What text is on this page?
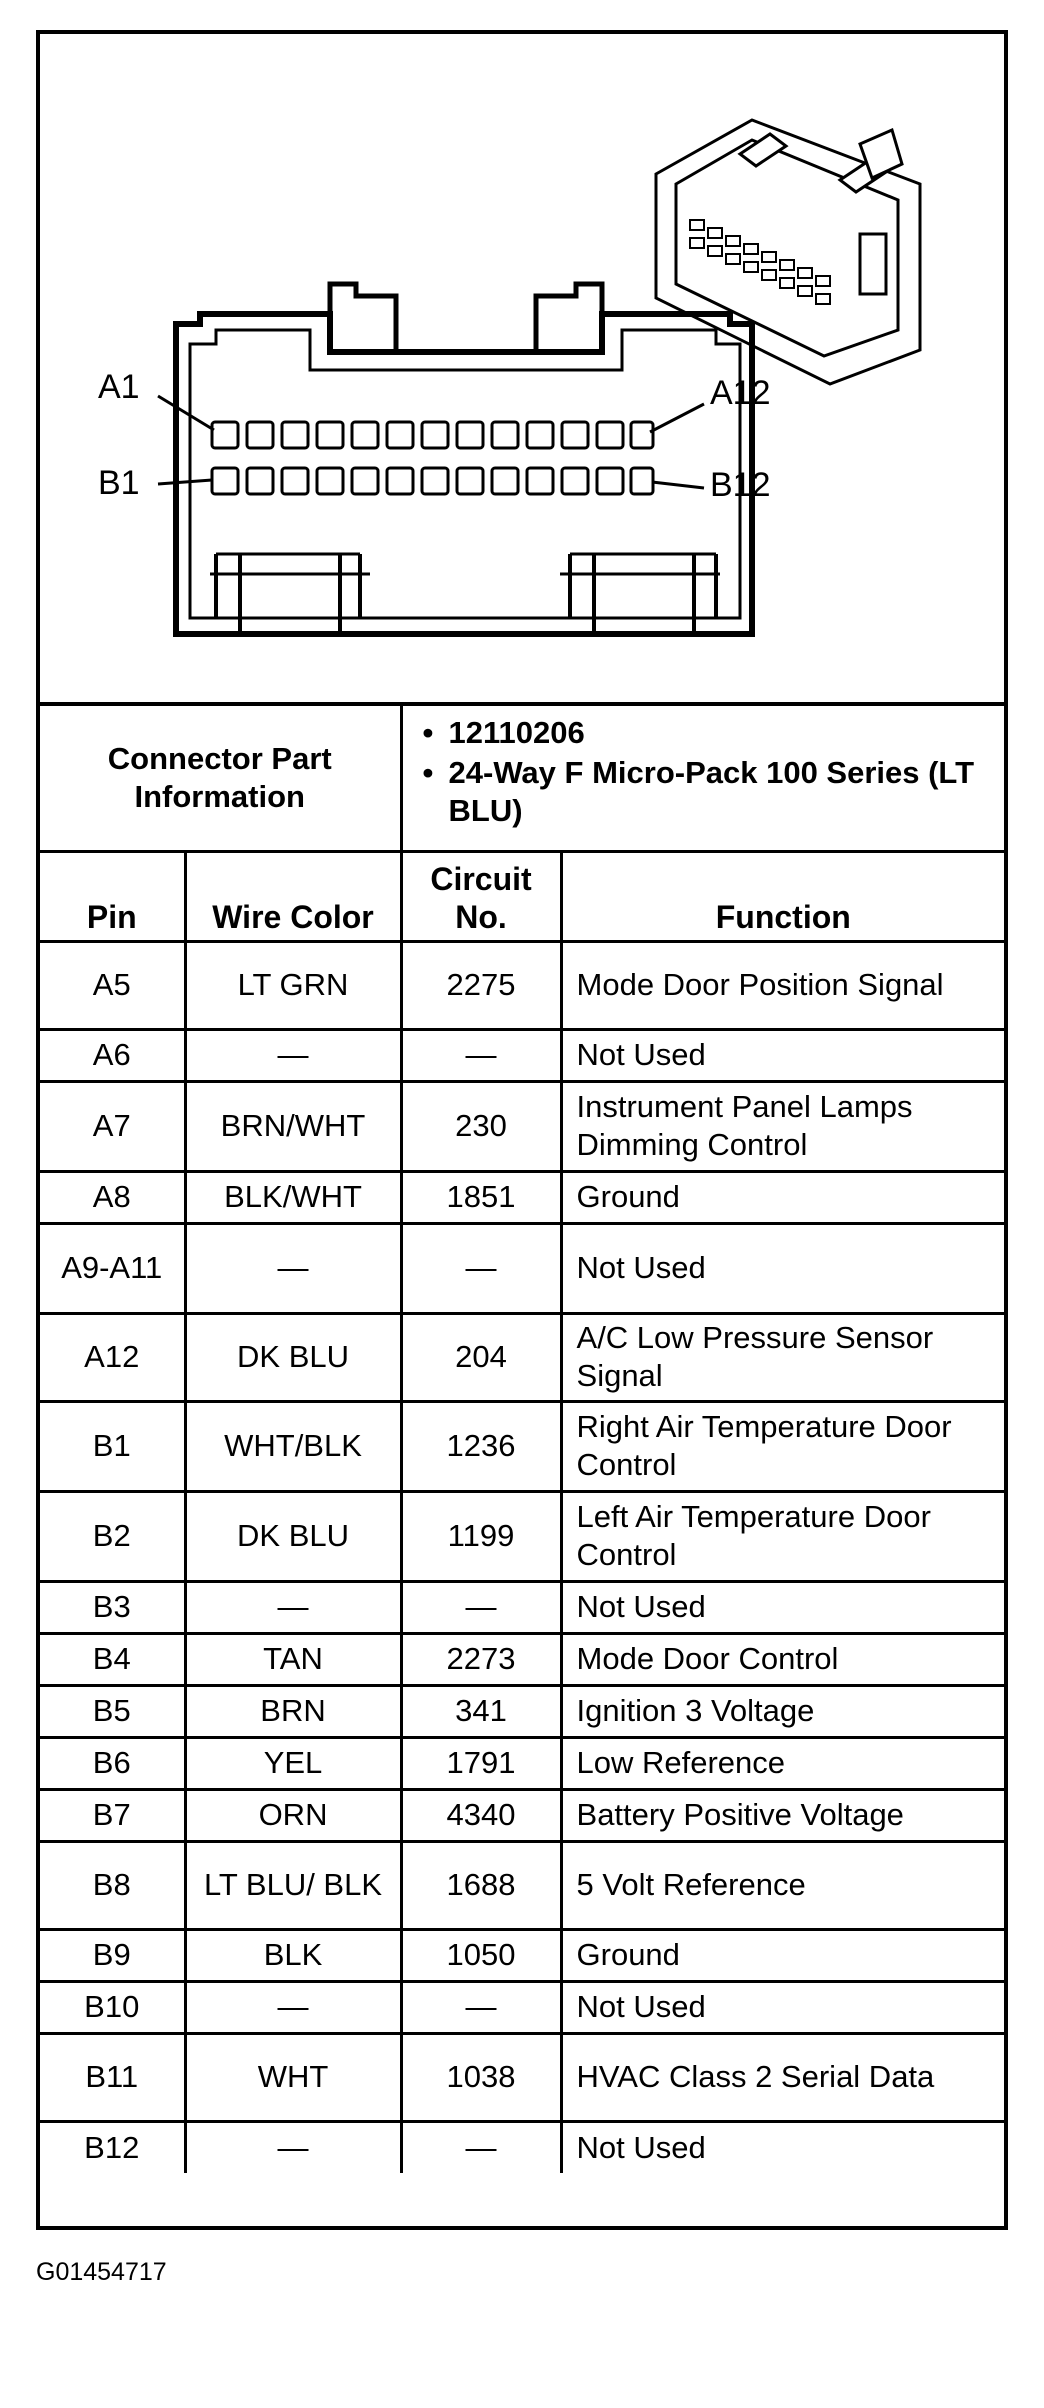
A1
B1
A12
B12
Connector Part Information		• 12110206
• 24-Way F Micro-Pack 100 Series (LT BLU)	

Pin	Wire Color	Circuit No.	Function
A5	LT GRN	2275	Mode Door Position Signal
A6	—	—	Not Used
A7	BRN/WHT	230	Instrument Panel Lamps Dimming Control
A8	BLK/WHT	1851	Ground
A9-A11	—	—	Not Used
A12	DK BLU	204	A/C Low Pressure Sensor Signal
B1	WHT/BLK	1236	Right Air Temperature Door Control
B2	DK BLU	1199	Left Air Temperature Door Control
B3	—	—	Not Used
B4	TAN	2273	Mode Door Control
B5	BRN	341	Ignition 3 Voltage
B6	YEL	1791	Low Reference
B7	ORN	4340	Battery Positive Voltage
B8	LT BLU/ BLK	1688	5 Volt Reference
B9	BLK	1050	Ground
B10	—	—	Not Used
B11	WHT	1038	HVAC Class 2 Serial Data
B12	—	—	Not Used
G01454717
